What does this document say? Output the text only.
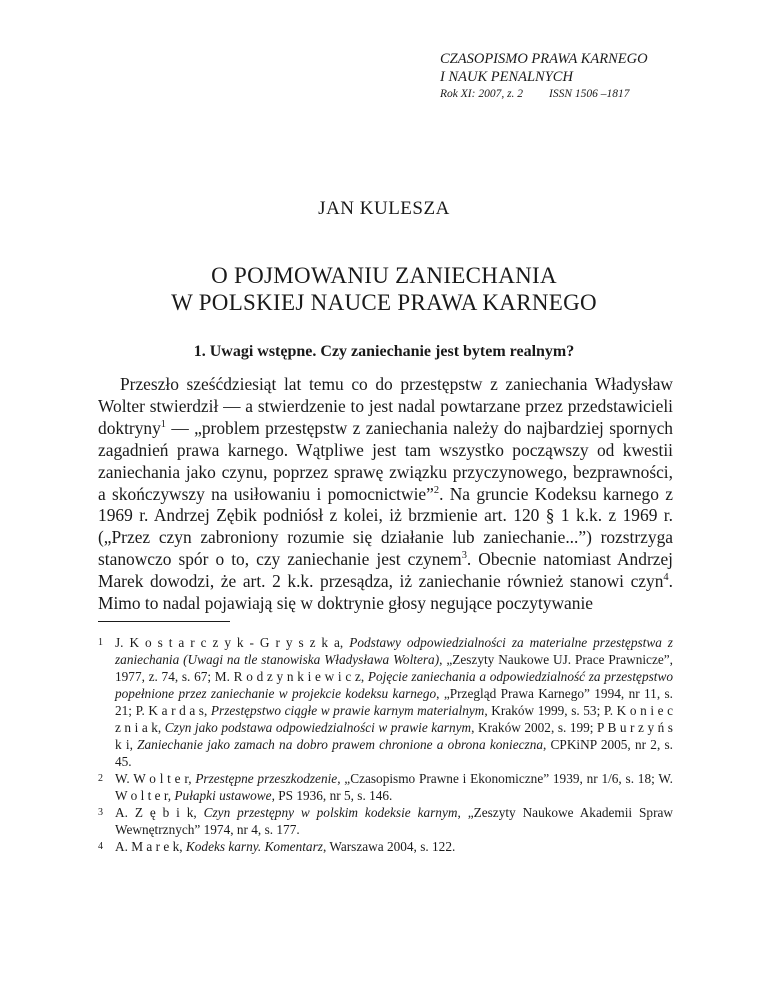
CZASOPISMO PRAWA KARNEGO
I NAUK PENALNYCH
Rok XI: 2007, z. 2 ISSN 1506 –1817
JAN KULESZA
O POJMOWANIU ZANIECHANIA
W POLSKIEJ NAUCE PRAWA KARNEGO
1. Uwagi wstępne. Czy zaniechanie jest bytem realnym?

Przeszło sześćdziesiąt lat temu co do przestępstw z zaniechania Władysław Wolter stwierdził — a stwierdzenie to jest nadal powtarzane przez przedstawicieli doktryny$^1$ — „problem przestępstw z zaniechania należy do najbardziej spornych zagadnień prawa karnego. Wątpliwe jest tam wszystko począwszy od kwestii zaniechania jako czynu, poprzez sprawę związku przyczynowego, bezprawności, a skończywszy na usiłowaniu i pomocnictwie”$^2$. Na gruncie Kodeksu karnego z 1969 r. Andrzej Zębik podniósł z kolei, iż brzmienie art. 120 § 1 k.k. z 1969 r. („Przez czyn zabroniony rozumie się działanie lub zaniechanie...”) rozstrzyga stanowczo spór o to, czy zaniechanie jest czynem$^3$. Obecnie natomiast Andrzej Marek dowodzi, że art. 2 k.k. przesądza, iż zaniechanie również stanowi czyn$^4$. Mimo to nadal pojawiają się w doktrynie głosy negujące poczytywanie

1 J. K o s t a r c z y k - G r y s z k a, Podstawy odpowiedzialności za materialne przestępstwa z zaniechania (Uwagi na tle stanowiska Władysława Woltera), „Zeszyty Naukowe UJ. Prace Prawnicze”, 1977, z. 74, s. 67; M. R o d z y n k i e w i c z, Pojęcie zaniechania a odpowiedzialność za przestępstwo popełnione przez zaniechanie w projekcie kodeksu karnego, „Przegląd Prawa Karnego” 1994, nr 11, s. 21; P. K a r d a s, Przestępstwo ciągłe w prawie karnym materialnym, Kraków 1999, s. 53; P. K o n i e c z n i a k, Czyn jako podstawa odpowiedzialności w prawie karnym, Kraków 2002, s. 199; P B u r z y ń s k i, Zaniechanie jako zamach na dobro prawem chronione a obrona konieczna, CPKiNP 2005, nr 2, s. 45.
2 W. W o l t e r, Przestępne przeszkodzenie, „Czasopismo Prawne i Ekonomiczne” 1939, nr 1/6, s. 18; W. W o l t e r, Pułapki ustawowe, PS 1936, nr 5, s. 146.
3 A. Z ę b i k, Czyn przestępny w polskim kodeksie karnym, „Zeszyty Naukowe Akademii Spraw Wewnętrznych” 1974, nr 4, s. 177.
4 A. M a r e k, Kodeks karny. Komentarz, Warszawa 2004, s. 122.
